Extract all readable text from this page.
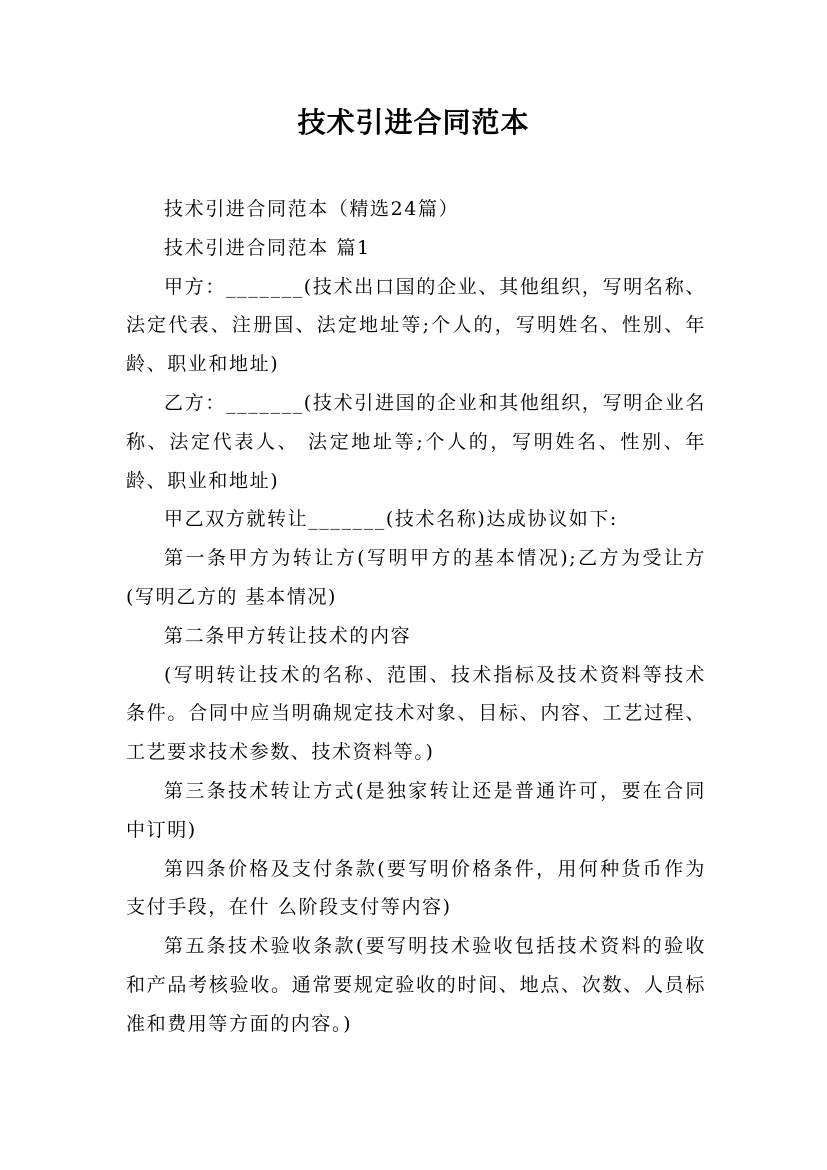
技术引进合同范本

技术引进合同范本（精选24篇）

技术引进合同范本 篇1

甲方：_______(技术出口国的企业、其他组织，写明名称、法定代表、注册国、法定地址等;个人的，写明姓名、性别、年龄、职业和地址)

乙方：_______(技术引进国的企业和其他组织，写明企业名称、法定代表人、 法定地址等;个人的，写明姓名、性别、年龄、职业和地址)

甲乙双方就转让_______(技术名称)达成协议如下:

第一条甲方为转让方(写明甲方的基本情况);乙方为受让方(写明乙方的 基本情况)

第二条甲方转让技术的内容

(写明转让技术的名称、范围、技术指标及技术资料等技术条件。合同中应当明确规定技术对象、目标、内容、工艺过程、工艺要求技术参数、技术资料等。)

第三条技术转让方式(是独家转让还是普通许可，要在合同中订明)

第四条价格及支付条款(要写明价格条件，用何种货币作为支付手段，在什 么阶段支付等内容)

第五条技术验收条款(要写明技术验收包括技术资料的验收和产品考核验收。通常要规定验收的时间、地点、次数、人员标准和费用等方面的内容。)
